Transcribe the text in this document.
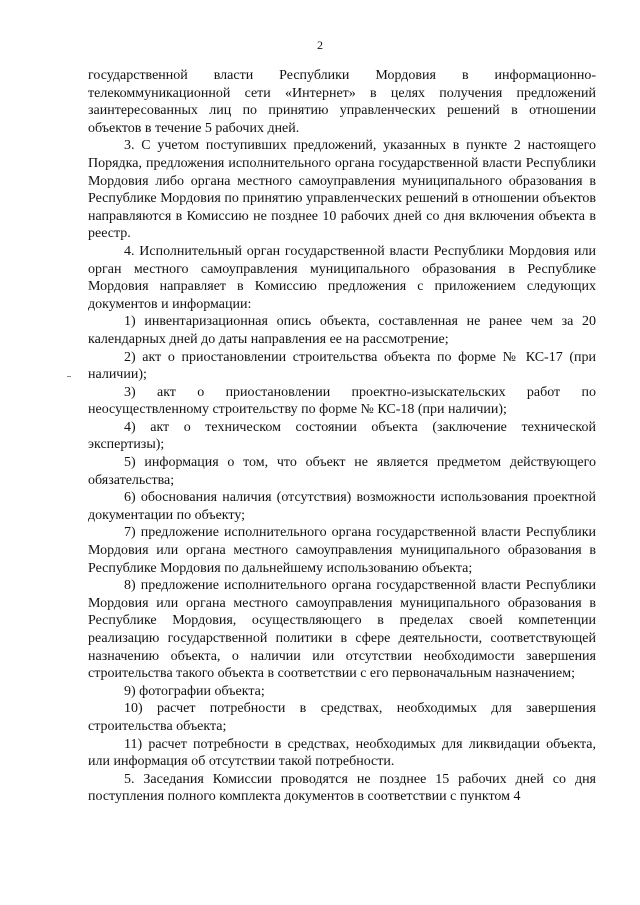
2

государственной власти Республики Мордовия в информационно-телекоммуникационной сети «Интернет» в целях получения предложений заинтересованных лиц по принятию управленческих решений в отношении объектов в течение 5 рабочих дней.

3. С учетом поступивших предложений, указанных в пункте 2 настоящего Порядка, предложения исполнительного органа государственной власти Республики Мордовия либо органа местного самоуправления муниципального образования в Республике Мордовия по принятию управленческих решений в отношении объектов направляются в Комиссию не позднее 10 рабочих дней со дня включения объекта в реестр.

4. Исполнительный орган государственной власти Республики Мордовия или орган местного самоуправления муниципального образования в Республике Мордовия направляет в Комиссию предложения с приложением следующих документов и информации:

1) инвентаризационная опись объекта, составленная не ранее чем за 20 календарных дней до даты направления ее на рассмотрение;

2) акт о приостановлении строительства объекта по форме № КС-17 (при наличии);

3) акт о приостановлении проектно-изыскательских работ по неосуществленному строительству по форме № КС-18 (при наличии);

4) акт о техническом состоянии объекта (заключение технической экспертизы);

5) информация о том, что объект не является предметом действующего обязательства;

6) обоснования наличия (отсутствия) возможности использования проектной документации по объекту;

7) предложение исполнительного органа государственной власти Республики Мордовия или органа местного самоуправления муниципального образования в Республике Мордовия по дальнейшему использованию объекта;

8) предложение исполнительного органа государственной власти Республики Мордовия или органа местного самоуправления муниципального образования в Республике Мордовия, осуществляющего в пределах своей компетенции реализацию государственной политики в сфере деятельности, соответствующей назначению объекта, о наличии или отсутствии необходимости завершения строительства такого объекта в соответствии с его первоначальным назначением;

9) фотографии объекта;

10) расчет потребности в средствах, необходимых для завершения строительства объекта;

11) расчет потребности в средствах, необходимых для ликвидации объекта, или информация об отсутствии такой потребности.

5. Заседания Комиссии проводятся не позднее 15 рабочих дней со дня поступления полного комплекта документов в соответствии с пунктом 4
